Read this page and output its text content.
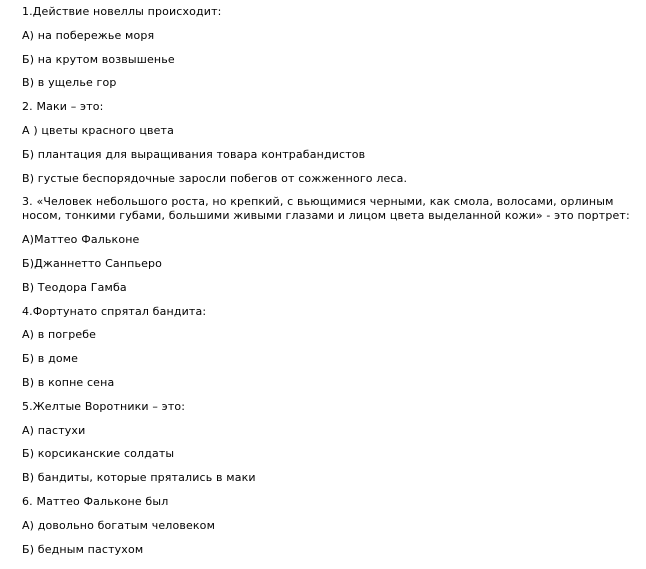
1.Действие новеллы происходит:

А) на побережье моря

Б) на крутом возвышенье

В) в ущелье гор

2. Маки – это:

А ) цветы красного цвета

Б) плантация для выращивания товара контрабандистов

В) густые беспорядочные заросли побегов от сожженного леса.

3. «Человек небольшого роста, но крепкий, с вьющимися черными, как смола, волосами, орлиным носом, тонкими губами, большими живыми глазами и лицом цвета выделанной кожи» - это портрет:

А)Маттео Фальконе

Б)Джаннетто Санпьеро

В) Теодора Гамба

4.Фортунато спрятал бандита:

А) в погребе

Б) в доме

В) в копне сена

5.Желтые Воротники – это:

А) пастухи

Б) корсиканские солдаты

В) бандиты, которые прятались в маки

6. Маттео Фальконе был

А) довольно богатым человеком

Б) бедным пастухом
